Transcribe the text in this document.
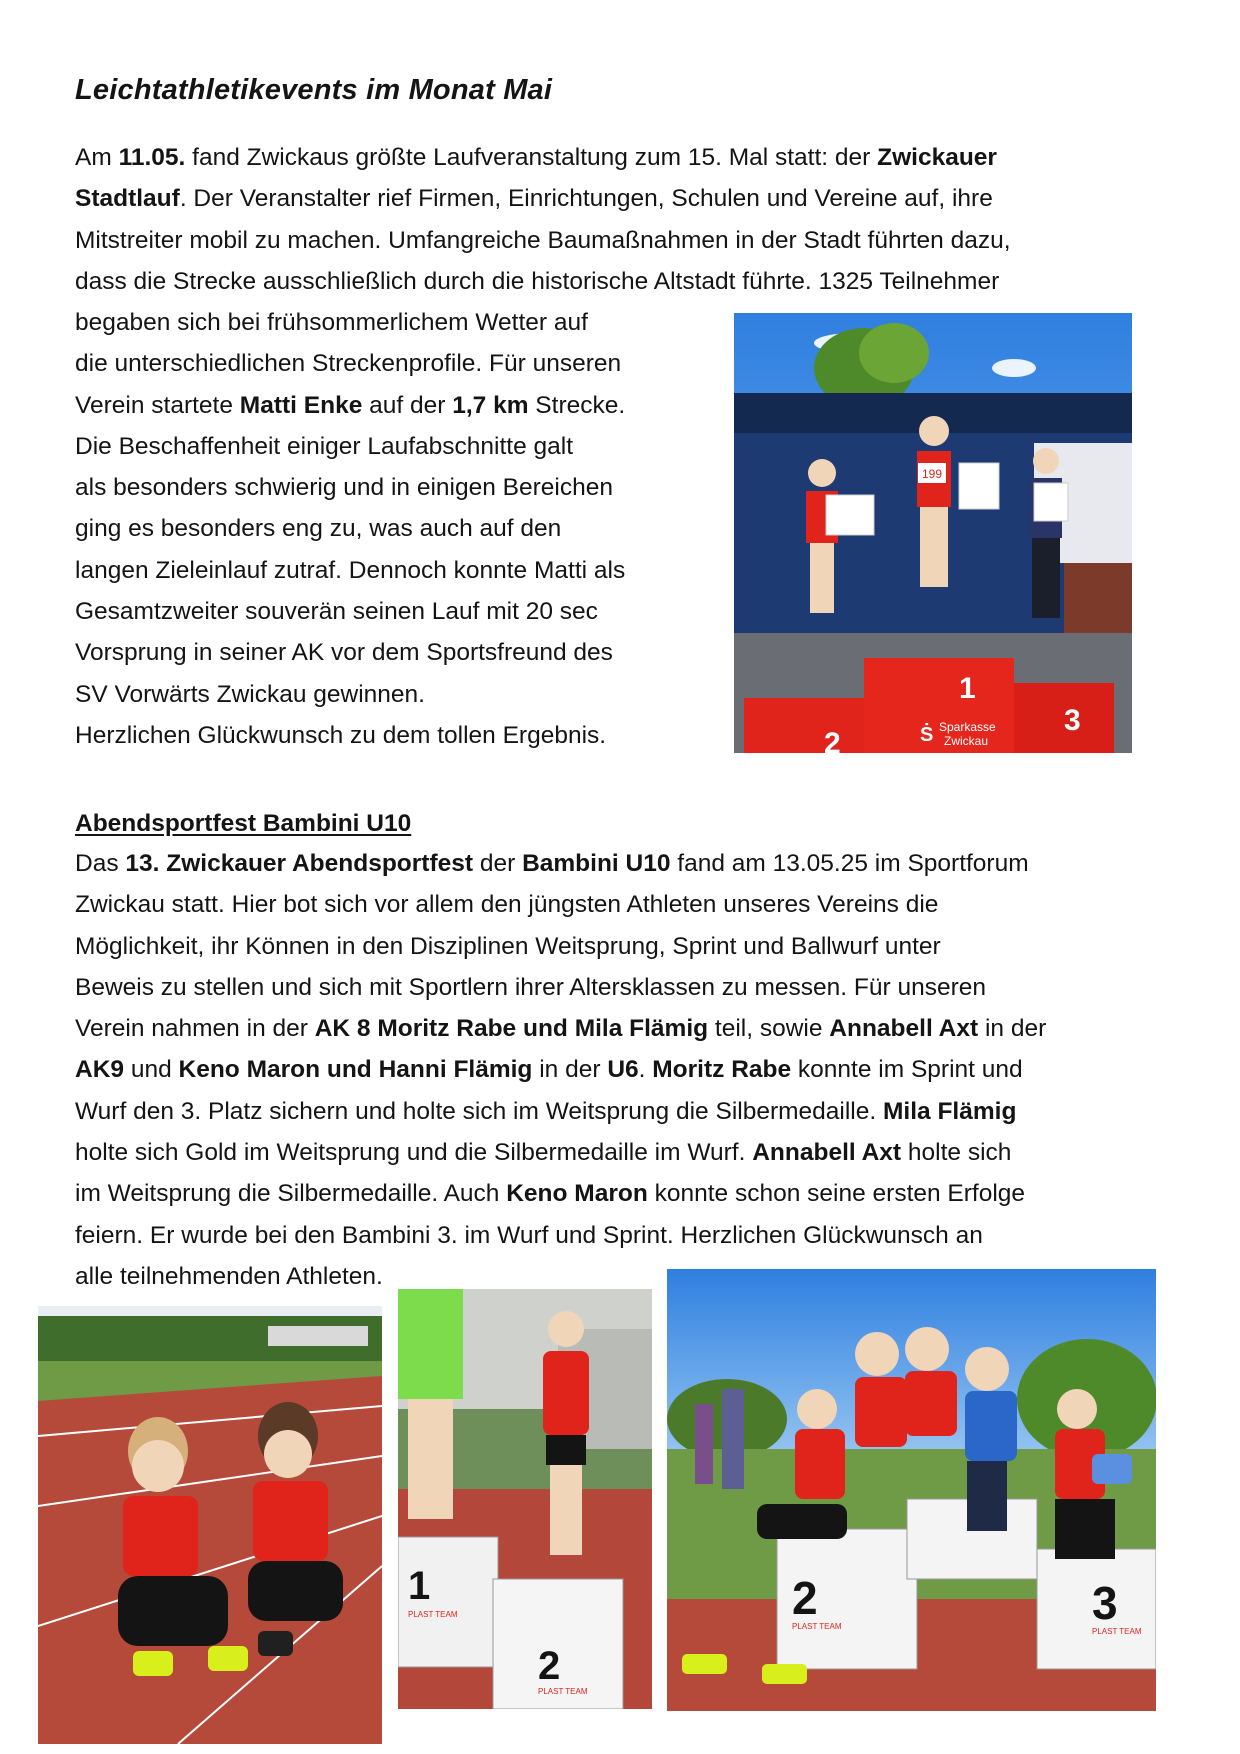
Leichtathletikevents im Monat Mai
Am 11.05. fand Zwickaus größte Laufveranstaltung zum 15. Mal statt: der Zwickauer
Stadtlauf. Der Veranstalter rief Firmen, Einrichtungen, Schulen und Vereine auf, ihre
Mitstreiter mobil zu machen. Umfangreiche Baumaßnahmen in der Stadt führten dazu,
dass die Strecke ausschließlich durch die historische Altstadt führte. 1325 Teilnehmer
begaben sich bei frühsommerlichem Wetter auf
die unterschiedlichen Streckenprofile. Für unseren
Verein startete Matti Enke auf der 1,7 km Strecke.
Die Beschaffenheit einiger Laufabschnitte galt
als besonders schwierig und in einigen Bereichen
ging es besonders eng zu, was auch auf den
langen Zieleinlauf zutraf. Dennoch konnte Matti als
Gesamtzweiter souverän seinen Lauf mit 20 sec
Vorsprung in seiner AK vor dem Sportsfreund des
SV Vorwärts Zwickau gewinnen.
Herzlichen Glückwunsch zu dem tollen Ergebnis.
Abendsportfest Bambini U10
Das 13. Zwickauer Abendsportfest der Bambini U10 fand am 13.05.25 im Sportforum
Zwickau statt. Hier bot sich vor allem den jüngsten Athleten unseres Vereins die
Möglichkeit, ihr Können in den Disziplinen Weitsprung, Sprint und Ballwurf unter
Beweis zu stellen und sich mit Sportlern ihrer Altersklassen zu messen. Für unseren
Verein nahmen in der AK 8 Moritz Rabe und Mila Flämig teil, sowie Annabell Axt in der
AK9 und Keno Maron und Hanni Flämig in der U6. Moritz Rabe konnte im Sprint und
Wurf den 3. Platz sichern und holte sich im Weitsprung die Silbermedaille. Mila Flämig
holte sich Gold im Weitsprung und die Silbermedaille im Wurf. Annabell Axt holte sich
im Weitsprung die Silbermedaille. Auch Keno Maron konnte schon seine ersten Erfolge
feiern. Er wurde bei den Bambini 3. im Wurf und Sprint. Herzlichen Glückwunsch an
alle teilnehmenden Athleten.
199
1
2
3
Sparkasse
Zwickau
Ṡ
1
2
PLAST TEAM
PLAST TEAM
2	3
PLAST TEAM
PLAST TEAM
